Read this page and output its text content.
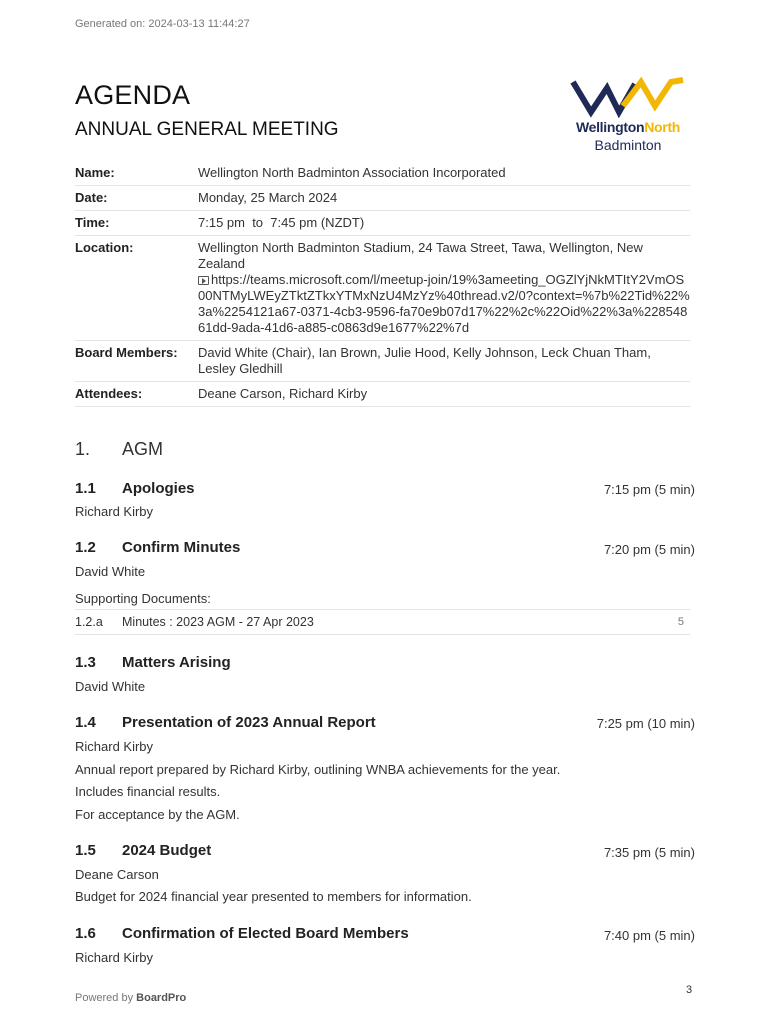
Generated on: 2024-03-13 11:44:27
AGENDA
ANNUAL GENERAL MEETING	WellingtonNorth
Badminton
Name:	Wellington North Badminton Association Incorporated
Date:	Monday, 25 March 2024
Time:	7:15 pm  to  7:45 pm (NZDT)
Location:	Wellington North Badminton Stadium, 24 Tawa Street, Tawa, Wellington, New Zealand
https://teams.microsoft.com/l/meetup-join/19%3ameeting_OGZlYjNkMTItY2VmOS00NTMyLWEyZTktZTkxYTMxNzU4MzYz%40thread.v2/0?context=%7b%22Tid%22%3a%2254121a67-0371-4cb3-9596-fa70e9b07d17%22%2c%22Oid%22%3a%22854861dd-9ada-41d6-a885-c0863d9e1677%22%7d
Board Members:	David White (Chair), Ian Brown, Julie Hood, Kelly Johnson, Leck Chuan Tham, Lesley Gledhill
Attendees:	Deane Carson, Richard Kirby
1. AGM
1.1 Apologies	7:15 pm (5 min)
Richard Kirby
1.2 Confirm Minutes	7:20 pm (5 min)
David White
Supporting Documents:
1.2.a Minutes : 2023 AGM - 27 Apr 2023	5
1.3 Matters Arising
David White
1.4 Presentation of 2023 Annual Report	7:25 pm (10 min)
Richard Kirby
Annual report prepared by Richard Kirby, outlining WNBA achievements for the year.
Includes financial results.
For acceptance by the AGM.
1.5 2024 Budget	7:35 pm (5 min)
Deane Carson
Budget for 2024 financial year presented to members for information.
1.6 Confirmation of Elected Board Members	7:40 pm (5 min)
Richard Kirby
Powered by BoardPro
3
